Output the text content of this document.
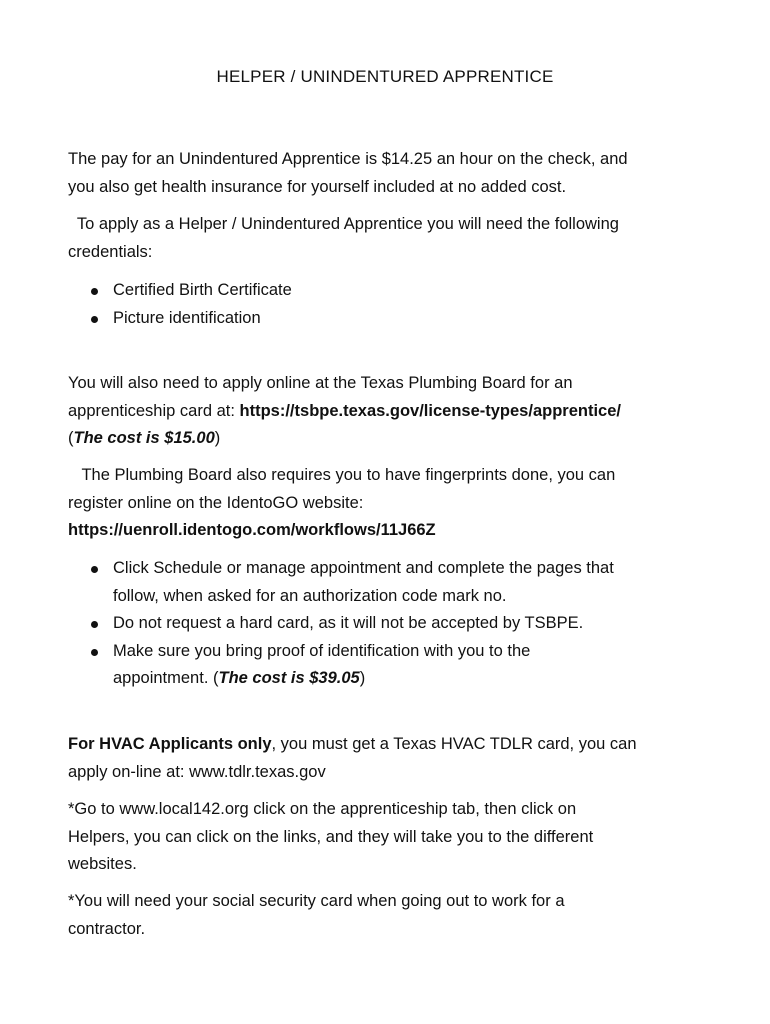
HELPER / UNINDENTURED APPRENTICE

The pay for an Unindentured Apprentice is $14.25 an hour on the check, and
you also get health insurance for yourself included at no added cost.

To apply as a Helper / Unindentured Apprentice you will need the following
credentials:

Certified Birth Certificate
Picture identification

You will also need to apply online at the Texas Plumbing Board for an
apprenticeship card at: https://tsbpe.texas.gov/license-types/apprentice/
(The cost is $15.00)

The Plumbing Board also requires you to have fingerprints done, you can
register online on the IdentoGO website:
https://uenroll.identogo.com/workflows/11J66Z

Click Schedule or manage appointment and complete the pages that
follow, when asked for an authorization code mark no.
Do not request a hard card, as it will not be accepted by TSBPE.
Make sure you bring proof of identification with you to the
appointment. (The cost is $39.05)

For HVAC Applicants only, you must get a Texas HVAC TDLR card, you can
apply on-line at: www.tdlr.texas.gov

*Go to www.local142.org click on the apprenticeship tab, then click on
Helpers, you can click on the links, and they will take you to the different
websites.

*You will need your social security card when going out to work for a
contractor.
